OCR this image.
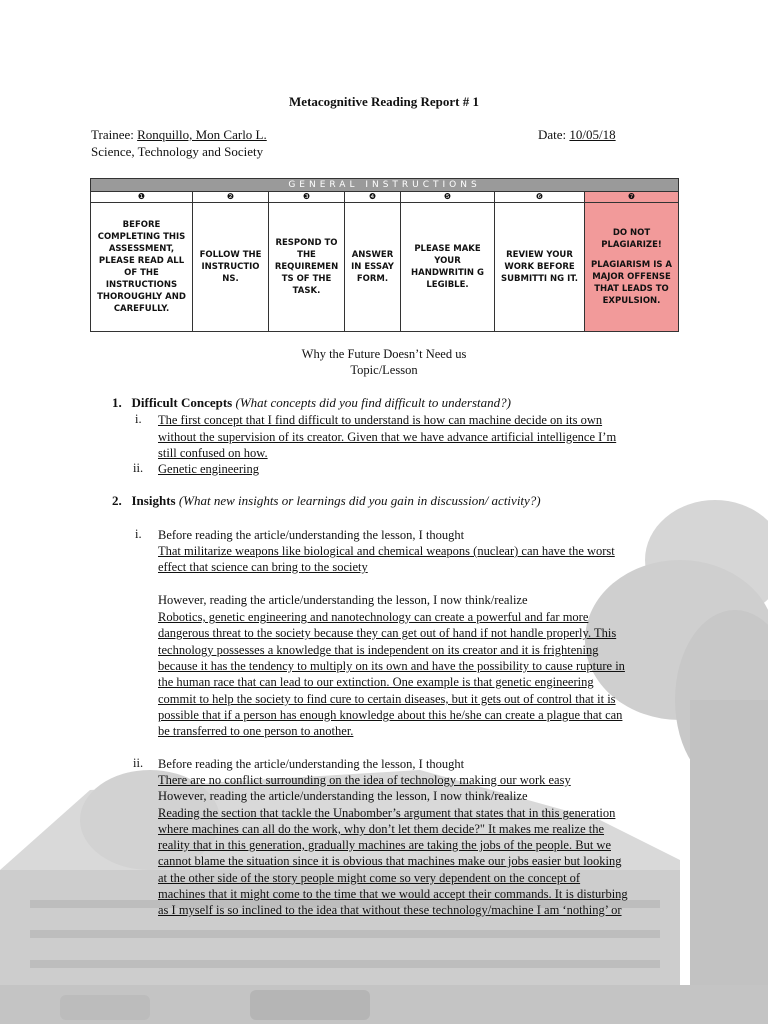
Metacognitive Reading Report # 1
Trainee: Ronquillo, Mon Carlo L.	Date: 10/05/18
Science, Technology and Society
GENERAL INSTRUCTIONS						
❶	❷	❸	❹	❺	❻	❼
BEFORE COMPLETING THIS ASSESSMENT, PLEASE READ ALL OF THE INSTRUCTIONS THOROUGHLY AND CAREFULLY.	FOLLOW THE INSTRUCTIO NS.	RESPOND TO THE REQUIREMEN TS OF THE TASK.	ANSWER IN ESSAY FORM.	PLEASE MAKE YOUR HANDWRITIN G LEGIBLE.	REVIEW YOUR WORK BEFORE SUBMITTI NG IT.	DO NOT PLAGIARIZE!
PLAGIARISM IS A MAJOR OFFENSE THAT LEADS TO EXPULSION.
Why the Future Doesn’t Need us
Topic/Lesson
1. Difficult Concepts (What concepts did you find difficult to understand?)
i. The first concept that I find difficult to understand is how can machine decide on its own
without the supervision of its creator. Given that we have advance artificial intelligence I’m
still confused on how.
ii. Genetic engineering
2. Insights (What new insights or learnings did you gain in discussion/ activity?)
i. Before reading the article/understanding the lesson, I thought
That militarize weapons like biological and chemical weapons (nuclear) can have the worst
effect that science can bring to the society
However, reading the article/understanding the lesson, I now think/realize
Robotics, genetic engineering and nanotechnology can create a powerful and far more
dangerous threat to the society because they can get out of hand if not handle properly. This
technology possesses a knowledge that is independent on its creator and it is frightening
because it has the tendency to multiply on its own and have the possibility to cause rupture in
the human race that can lead to our extinction. One example is that genetic engineering
commit to help the society to find cure to certain diseases, but it gets out of control that it is
possible that if a person has enough knowledge about this he/she can create a plague that can
be transferred to one person to another.
ii. Before reading the article/understanding the lesson, I thought
There are no conflict surrounding on the idea of technology making our work easy
However, reading the article/understanding the lesson, I now think/realize
Reading the section that tackle the Unabomber’s argument that states that in this generation
where machines can all do the work, why don’t let them decide?" It makes me realize the
reality that in this generation, gradually machines are taking the jobs of the people. But we
cannot blame the situation since it is obvious that machines make our jobs easier but looking
at the other side of the story people might come so very dependent on the concept of
machines that it might come to the time that we would accept their commands. It is disturbing
as I myself is so inclined to the idea that without these technology/machine I am ‘nothing’ or
